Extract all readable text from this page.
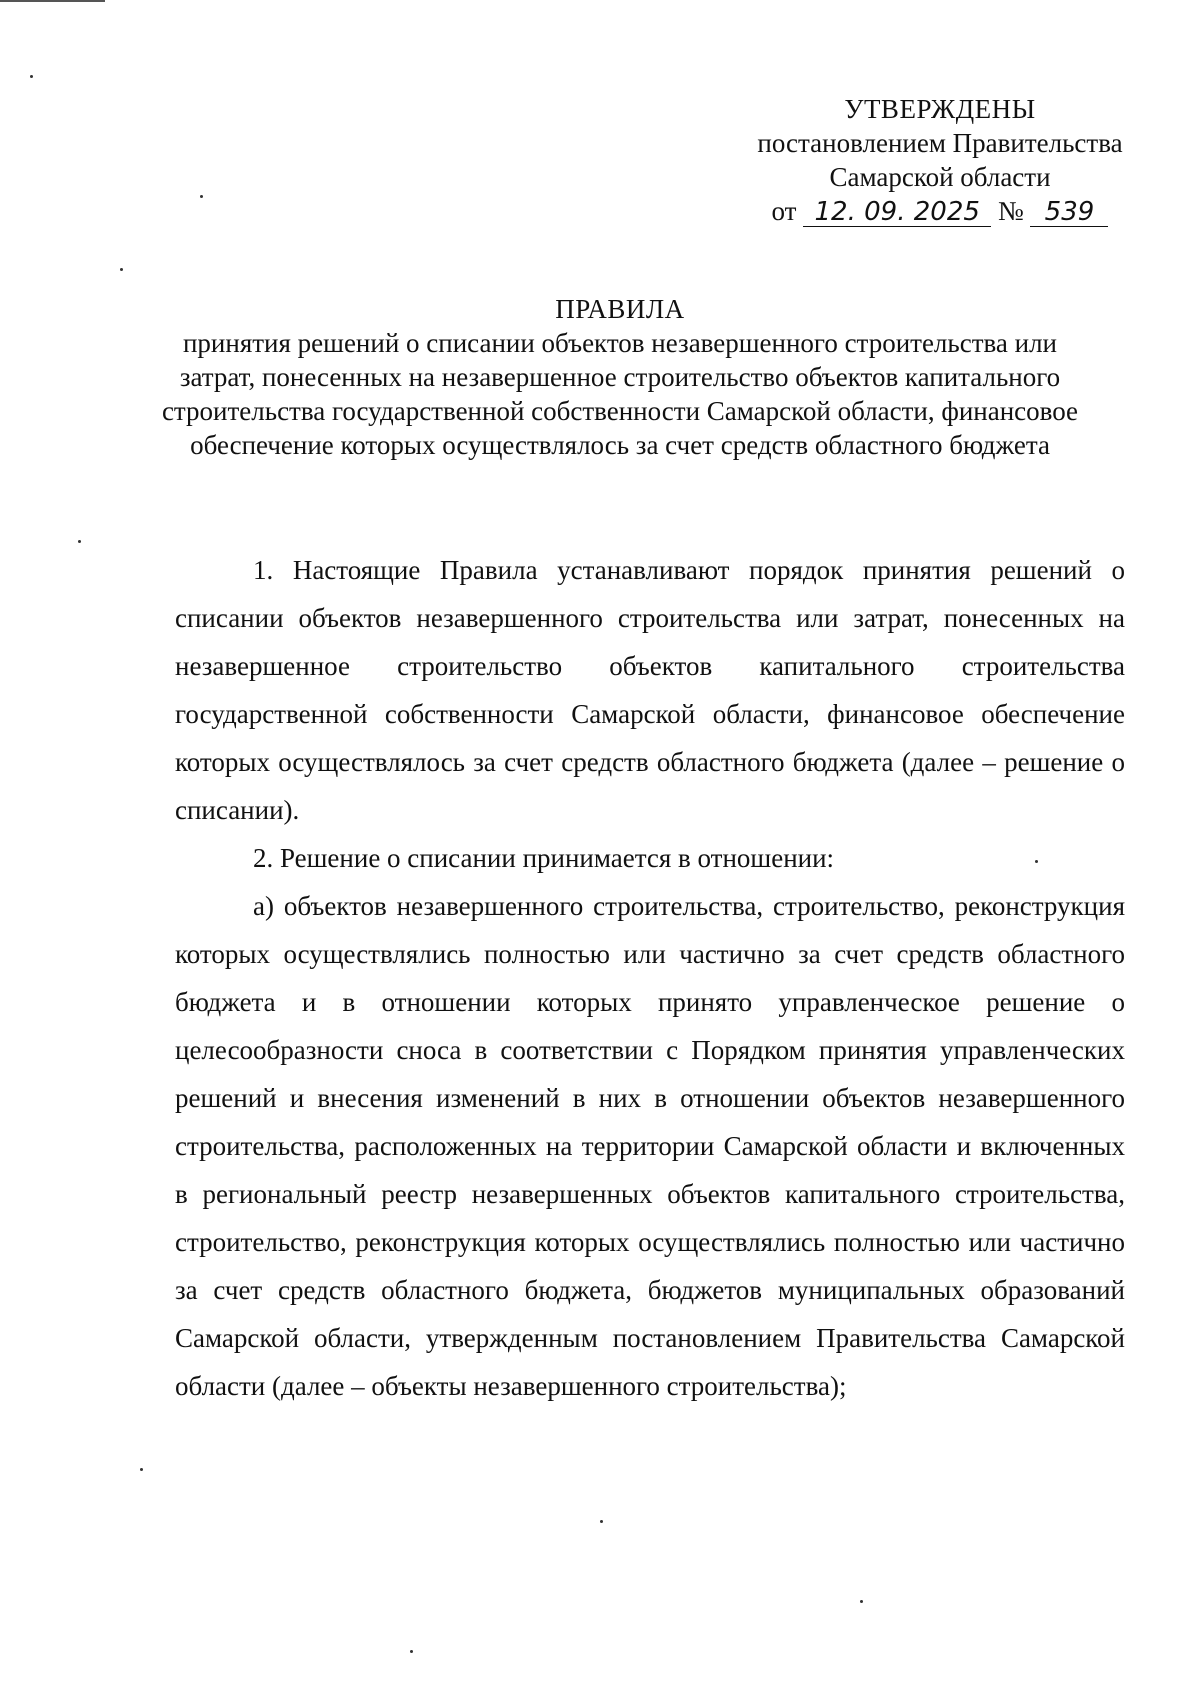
УТВЕРЖДЕНЫ
постановлением Правительства
Самарской области
от 12. 09. 2025 № 539
ПРАВИЛА
принятия решений о списании объектов незавершенного строительства или затрат, понесенных на незавершенное строительство объектов капитального строительства государственной собственности Самарской области, финансовое обеспечение которых осуществлялось за счет средств областного бюджета

1. Настоящие Правила устанавливают порядок принятия решений о списании объектов незавершенного строительства или затрат, понесенных на незавершенное строительство объектов капитального строительства государственной собственности Самарской области, финансовое обеспечение которых осуществлялось за счет средств областного бюджета (далее – решение о списании).

2. Решение о списании принимается в отношении:

а) объектов незавершенного строительства, строительство, реконструкция которых осуществлялись полностью или частично за счет средств областного бюджета и в отношении которых принято управленческое решение о целесообразности сноса в соответствии с Порядком принятия управленческих решений и внесения изменений в них в отношении объектов незавершенного строительства, расположенных на территории Самарской области и включенных в региональный реестр незавершенных объектов капитального строительства, строительство, реконструкция которых осуществлялись полностью или частично за счет средств областного бюджета, бюджетов муниципальных образований Самарской области, утвержденным постановлением Правительства Самарской области (далее – объекты незавершенного строительства);
